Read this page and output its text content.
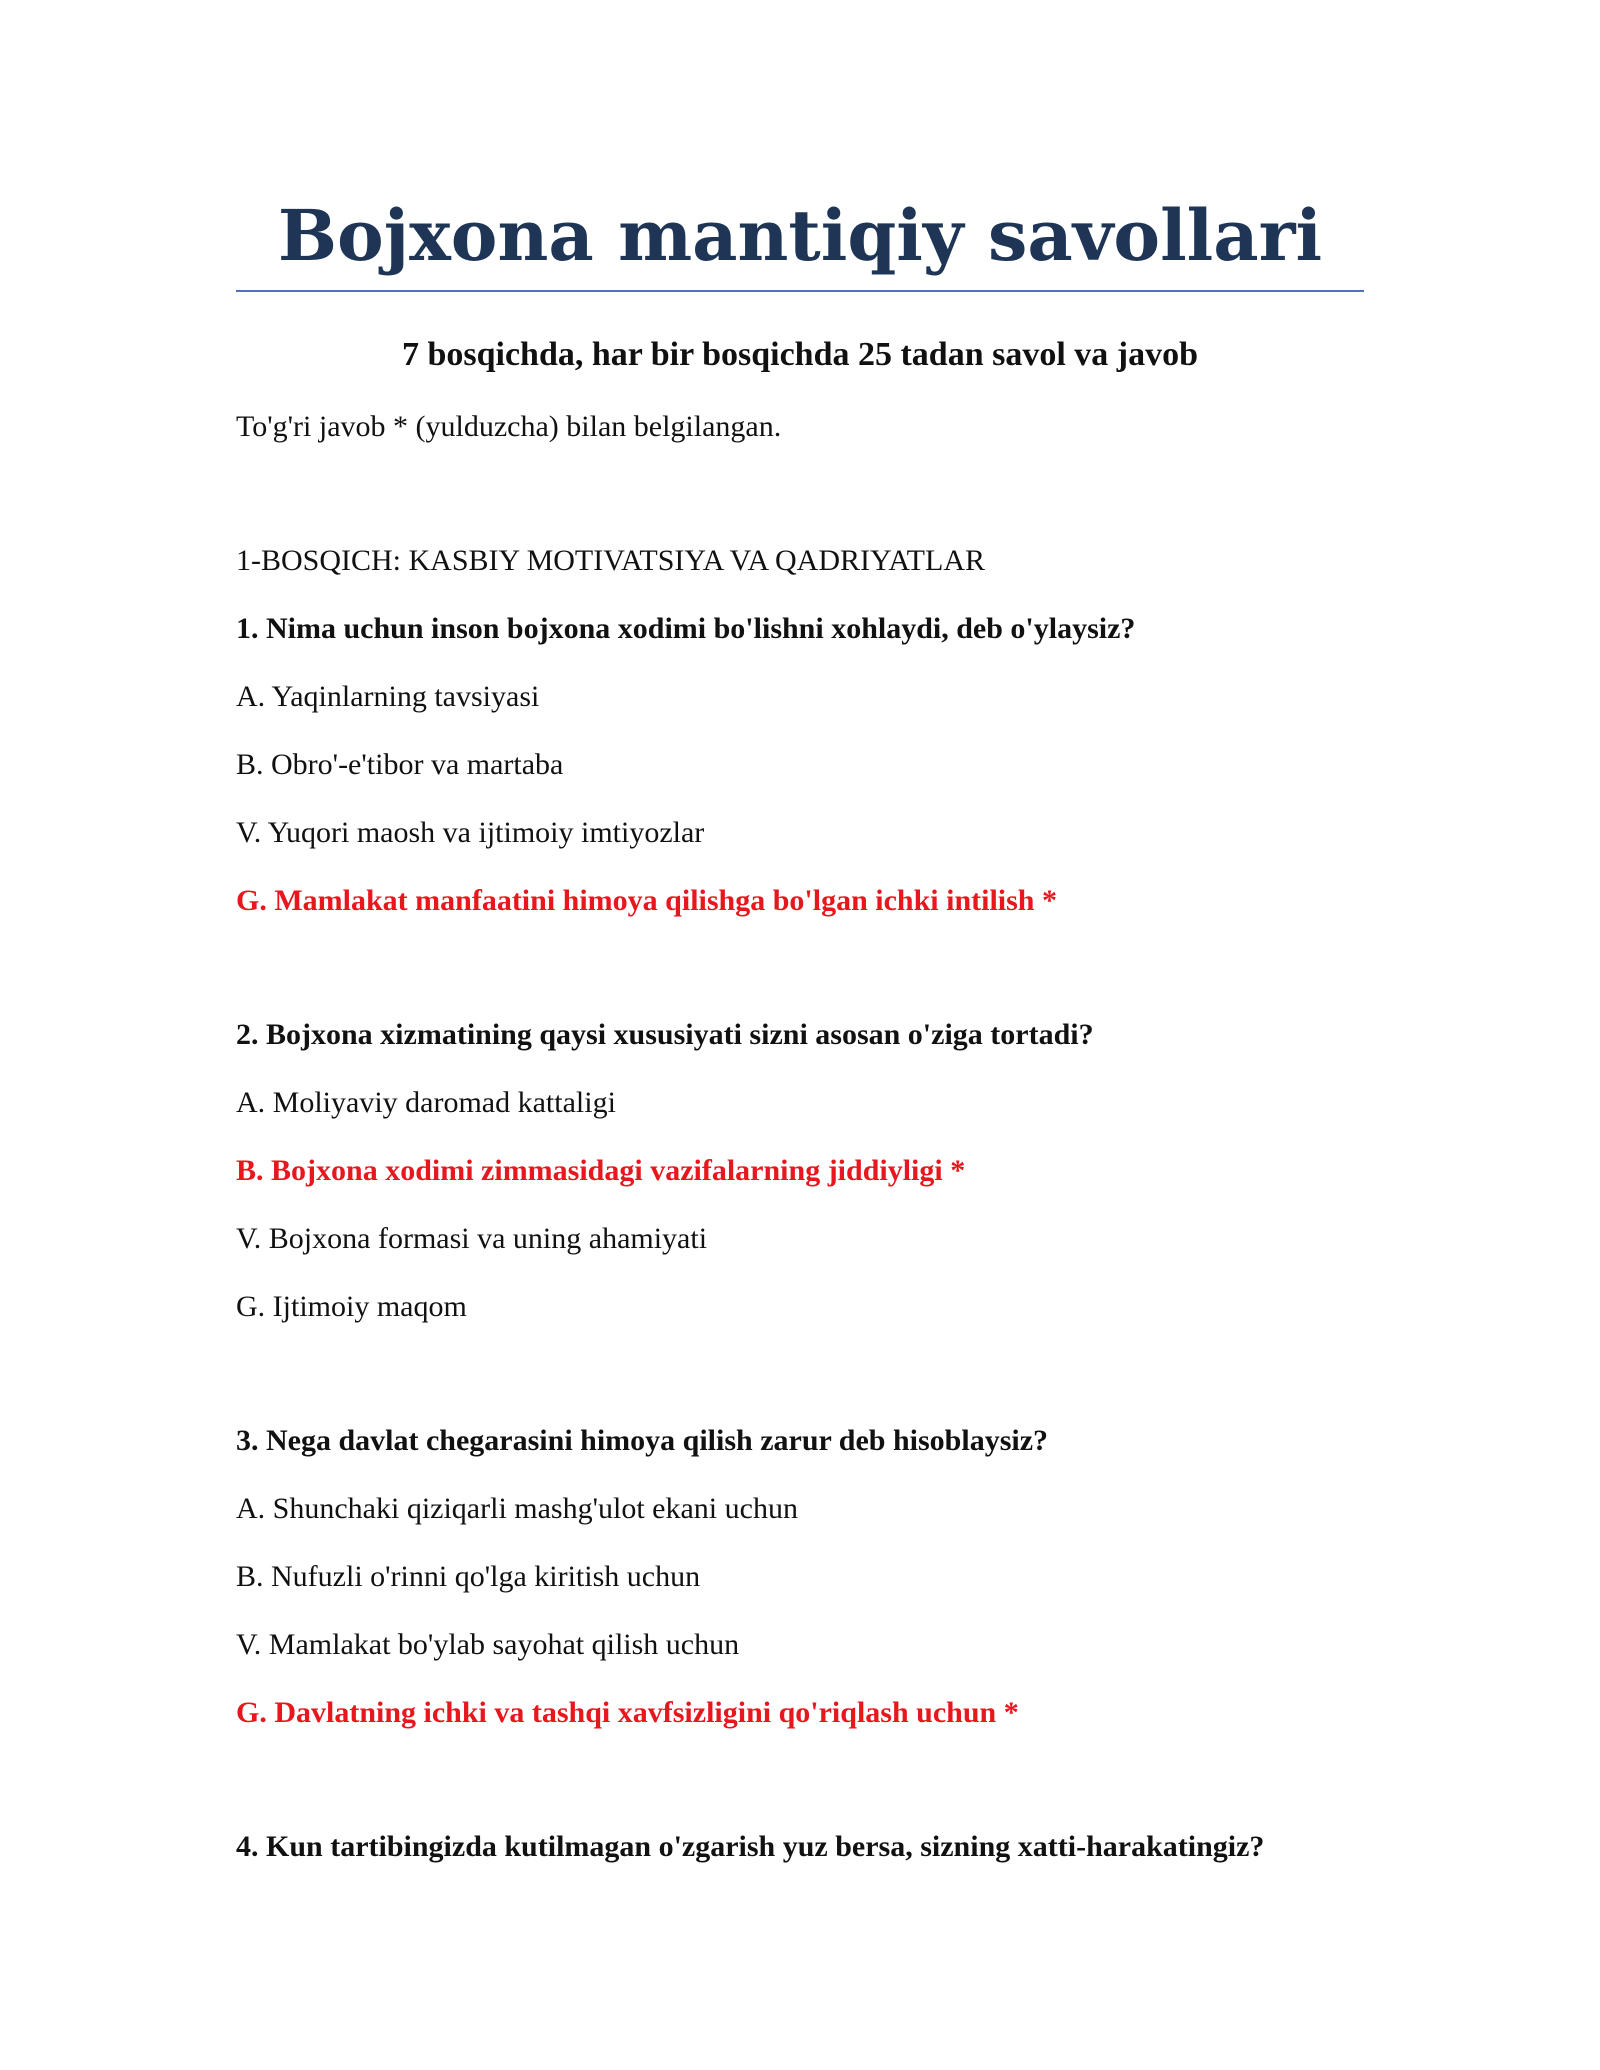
Bojxona mantiqiy savollari
7 bosqichda, har bir bosqichda 25 tadan savol va javob
To'g'ri javob * (yulduzcha) bilan belgilangan.
1-BOSQICH: KASBIY MOTIVATSIYA VA QADRIYATLAR
1. Nima uchun inson bojxona xodimi bo'lishni xohlaydi, deb o'ylaysiz?
A. Yaqinlarning tavsiyasi
B. Obro'-e'tibor va martaba
V. Yuqori maosh va ijtimoiy imtiyozlar
G. Mamlakat manfaatini himoya qilishga bo'lgan ichki intilish *
2. Bojxona xizmatining qaysi xususiyati sizni asosan o'ziga tortadi?
A. Moliyaviy daromad kattaligi
B. Bojxona xodimi zimmasidagi vazifalarning jiddiyligi *
V. Bojxona formasi va uning ahamiyati
G. Ijtimoiy maqom
3. Nega davlat chegarasini himoya qilish zarur deb hisoblaysiz?
A. Shunchaki qiziqarli mashg'ulot ekani uchun
B. Nufuzli o'rinni qo'lga kiritish uchun
V. Mamlakat bo'ylab sayohat qilish uchun
G. Davlatning ichki va tashqi xavfsizligini qo'riqlash uchun *
4. Kun tartibingizda kutilmagan o'zgarish yuz bersa, sizning xatti-harakatingiz?
